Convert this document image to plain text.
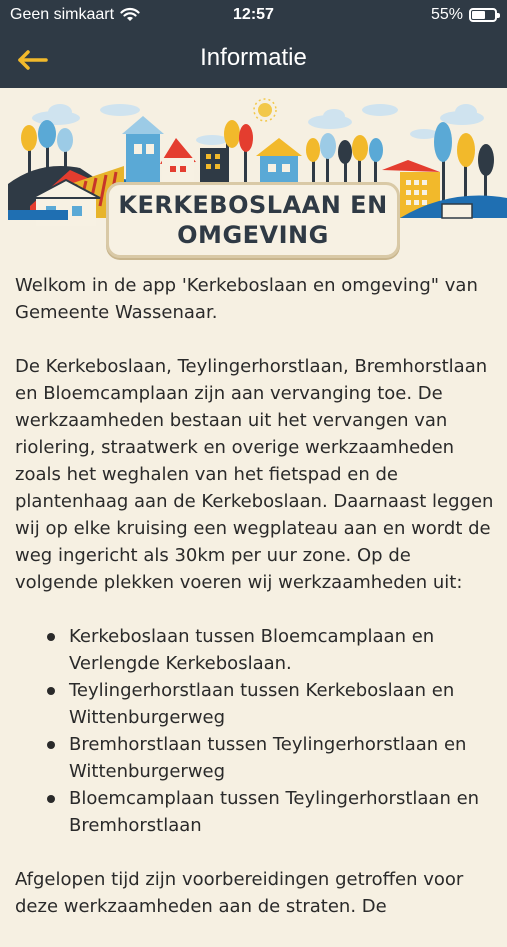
Geen simkaart	12:57	55%
Informatie
KERKEBOSLAAN EN
OMGEVING

Welkom in de app 'Kerkeboslaan en omgeving" van Gemeente Wassenaar.

De Kerkeboslaan, Teylingerhorstlaan, Bremhorstlaan en Bloemcamplaan zijn aan vervanging toe. De werkzaamheden bestaan uit het vervangen van riolering, straatwerk en overige werkzaamheden zoals het weghalen van het fietspad en de plantenhaag aan de Kerkeboslaan. Daarnaast leggen wij op elke kruising een wegplateau aan en wordt de weg ingericht als 30km per uur zone. Op de volgende plekken voeren wij werkzaamheden uit:

Kerkeboslaan tussen Bloemcamplaan en Verlengde Kerkeboslaan.
Teylingerhorstlaan tussen Kerkeboslaan en Wittenburgerweg
Bremhorstlaan tussen Teylingerhorstlaan en Wittenburgerweg
Bloemcamplaan tussen Teylingerhorstlaan en Bremhorstlaan

Afgelopen tijd zijn voorbereidingen getroffen voor deze werkzaamheden aan de straten. De
